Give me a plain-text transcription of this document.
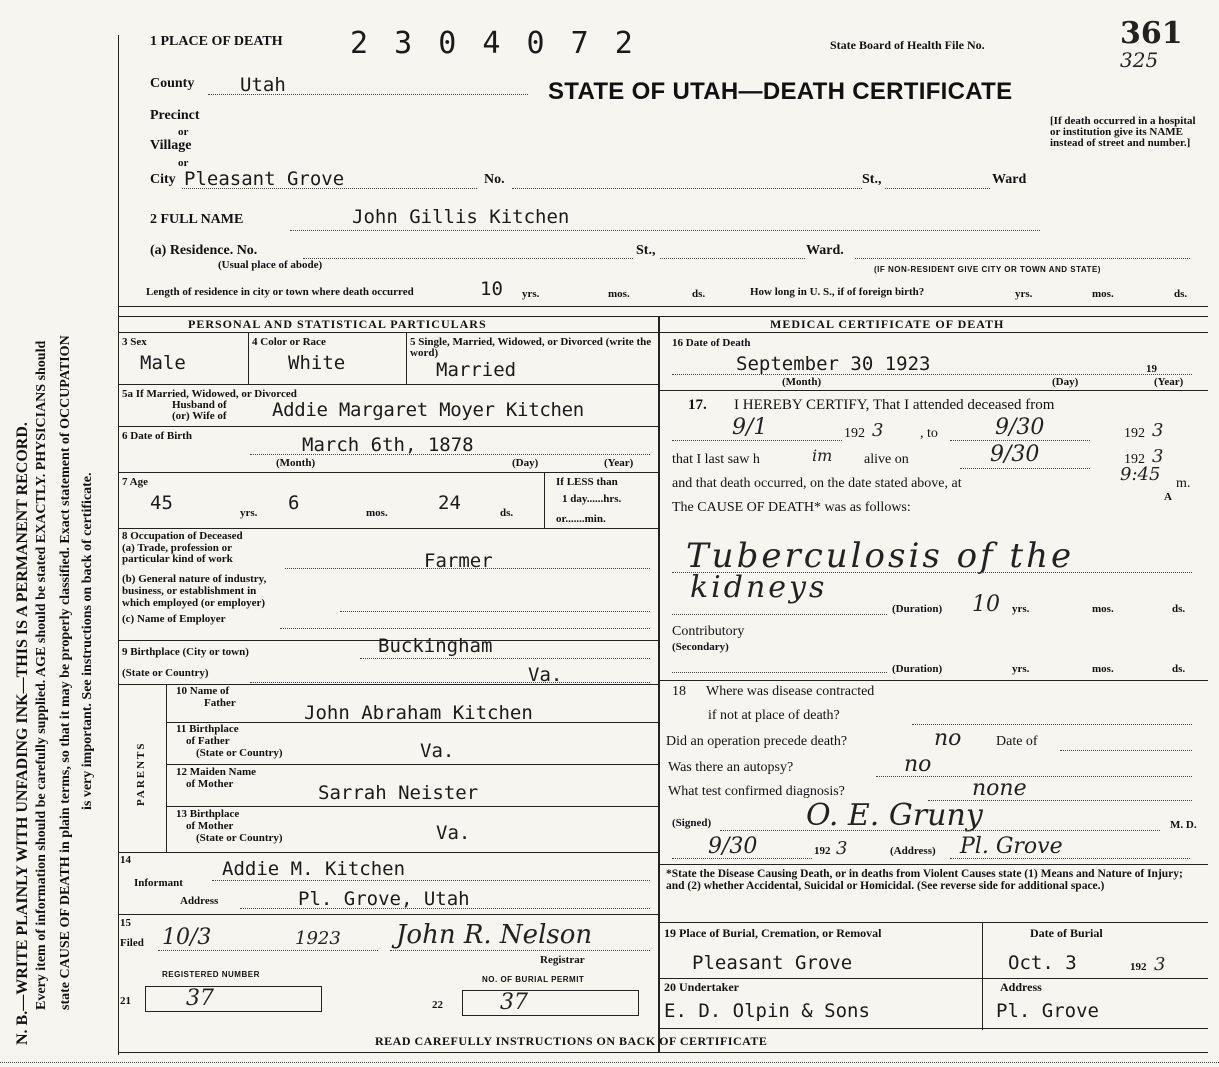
N. B.—WRITE PLAINLY WITH UNFADING INK—THIS IS A PERMANENT RECORD. Every item of information should be carefully supplied. AGE should be stated EXACTLY. PHYSICIANS should state CAUSE OF DEATH in plain terms, so that it may be properly classified. Exact statement of OCCUPATION is very important. See instructions on back of certificate.
1 PLACE OF DEATH 2 3 0 4 0 7 2	State Board of Health File No.	361
325
STATE OF UTAH—DEATH CERTIFICATE
[If death occurred in a hospital or institution give its NAME instead of street and number.]
County Utah
Precinct
or
Village
or
City Pleasant Grove	No.	St.,	Ward
2 FULL NAME	John Gillis Kitchen
(a) Residence. No.	St.,	Ward.
(Usual place of abode)	(IF NON-RESIDENT GIVE CITY OR TOWN AND STATE)
Length of residence in city or town where death occurred	10 yrs.	mos.	ds.	How long in U. S., if of foreign birth?	yrs.	mos.	ds.
PERSONAL AND STATISTICAL PARTICULARS
3 Sex
Male
4 Color or Race
White
5 Single, Married, Widowed, or Divorced (write the word)
Married
5a If Married, Widowed, or Divorced
Husband of
(or) Wife of Addie Margaret Moyer Kitchen
6 Date of Birth	March 6th, 1878
(Month)	(Day)	(Year)
7 Age
45	yrs. 6	mos.	24	ds.
If LESS than
1 day......hrs.
or.......min.
8 Occupation of Deceased
(a) Trade, profession or
particular kind of work	Farmer
(b) General nature of industry,
business, or establishment in
which employed (or employer)
(c) Name of Employer
9 Birthplace (City or town)	Buckingham
(State or Country)	Va.
PARENTS
10 Name of
Father	John Abraham Kitchen
11 Birthplace
of Father
(State or Country)	Va.
12 Maiden Name
of Mother	Sarrah Neister
13 Birthplace
of Mother
(State or Country)	Va.
14
Informant
Addie M. Kitchen
Address	Pl. Grove, Utah
15
Filed 10/3	1923 John R. Nelson
Registrar
REGISTERED NUMBER
21	37
NO. OF BURIAL PERMIT
22	37
MEDICAL CERTIFICATE OF DEATH
16 Date of Death
September 30 1923	19
(Month)	(Day)	(Year)
17. I HEREBY CERTIFY, That I attended deceased from
9/1	192 3	, to	9/30	192 3
that I last saw h	im alive on	9/30	192 3
and that death occurred, on the date stated above, at	9:45
A
m.
The CAUSE OF DEATH* was as follows:
Tuberculosis of the
kidneys
(Duration) 10 yrs.	mos.	ds.
Contributory
(Secondary)
(Duration)	yrs.	mos.	ds.
18 Where was disease contracted
if not at place of death?
Did an operation precede death?	no Date of
Was there an autopsy?	no
What test confirmed diagnosis?	none
(Signed)	O. E. Gruny	M. D.
9/30	192 3	(Address) Pl. Grove
*State the Disease Causing Death, or in deaths from Violent Causes state (1) Means and Nature of Injury; and (2) whether Accidental, Suicidal or Homicidal. (See reverse side for additional space.)
19 Place of Burial, Cremation, or Removal
Pleasant Grove
Date of Burial
Oct. 3	192 3
20 Undertaker
E. D. Olpin & Sons
Address
Pl. Grove
READ CAREFULLY INSTRUCTIONS ON BACK OF CERTIFICATE
